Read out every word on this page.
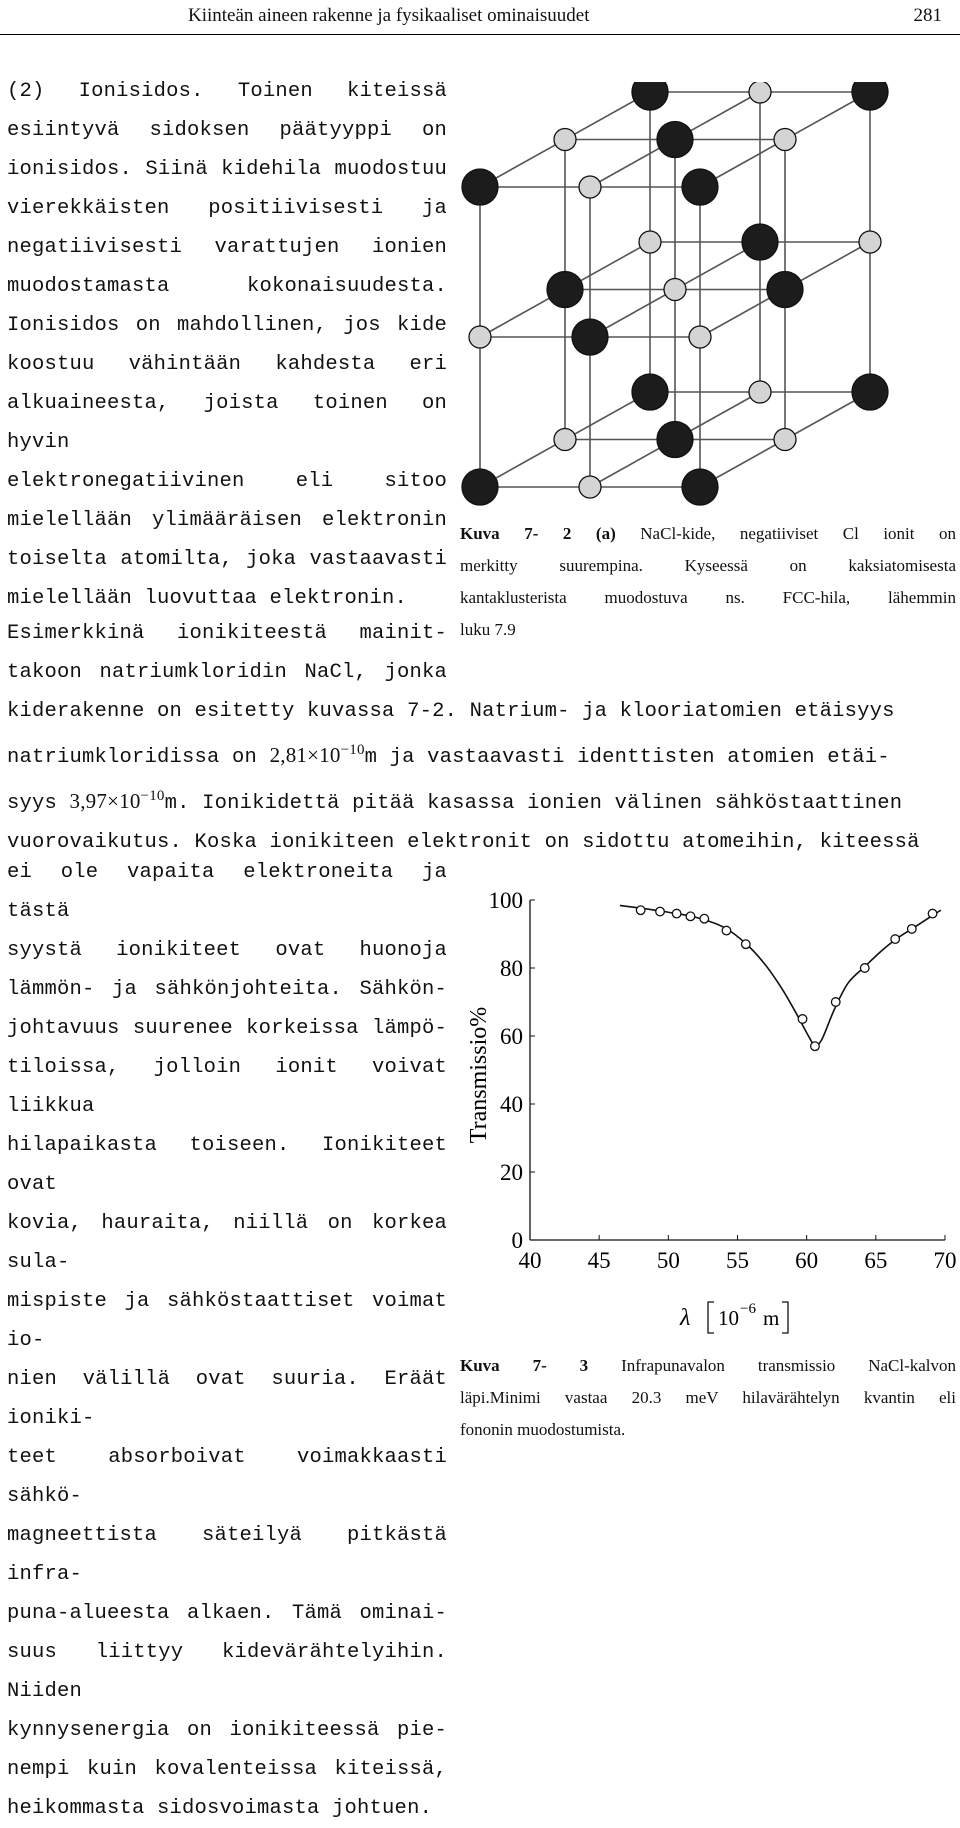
Kiinteän aineen rakenne ja fysikaaliset ominaisuudet	281

(2) Ionisidos. Toinen kiteissä

esiintyvä sidoksen päätyyppi on

ionisidos. Siinä kidehila muodostuu

vierekkäisten positiivisesti ja

negatiivisesti varattujen ionien

muodostamasta kokonaisuudesta.

Ionisidos on mahdollinen, jos kide

koostuu vähintään kahdesta eri

alkuaineesta, joista toinen on hyvin

elektronegatiivinen eli sitoo

mielellään ylimääräisen elektronin

toiselta atomilta, joka vastaavasti

mielellään luovuttaa elektronin.

Kuva 7- 2 (a) NaCl-kide, negatiiviset Cl ionit on
merkitty suurempina. Kyseessä on kaksiatomisesta
kantaklusterista muodostuva ns. FCC-hila, lähemmin
luku 7.9

Esimerkkinä ionikiteestä mainit-

takoon natriumkloridin NaCl, jonka

kiderakenne on esitetty kuvassa 7-2. Natrium- ja klooriatomien etäisyys

natriumkloridissa on $2,81\times 10^{-10}m$ ja vastaavasti identtisten atomien etäi-

syys $3,97\times 10^{-10}m$. Ionikidettä pitää kasassa ionien välinen sähköstaattinen

vuorovaikutus. Koska ionikiteen elektronit on sidottu atomeihin, kiteessä

ei ole vapaita elektroneita ja tästä

syystä ionikiteet ovat huonoja

lämmön- ja sähkönjohteita. Sähkön-

johtavuus suurenee korkeissa lämpö-

tiloissa, jolloin ionit voivat liikkua

hilapaikasta toiseen. Ionikiteet ovat

kovia, hauraita, niillä on korkea sula-

mispiste ja sähköstaattiset voimat io-

nien välillä ovat suuria. Eräät ioniki-

teet absorboivat voimakkaasti sähkö-

magneettista säteilyä pitkästä infra-

puna-alueesta alkaen. Tämä ominai-

suus liittyy kidevärähtelyihin. Niiden

kynnysenergia on ionikiteessä pie-

nempi kuin kovalenteissa kiteissä,

heikommasta sidosvoimasta johtuen.

40 45 50 55 60 65 70
0
20
40
60
80
100
Transmissio%
λ 10 −6 m
Kuva 7- 3 Infrapunavalon transmissio NaCl-kalvon
läpi.Minimi vastaa 20.3 meV hilavärähtelyn kvantin eli
fononin muodostumista.
